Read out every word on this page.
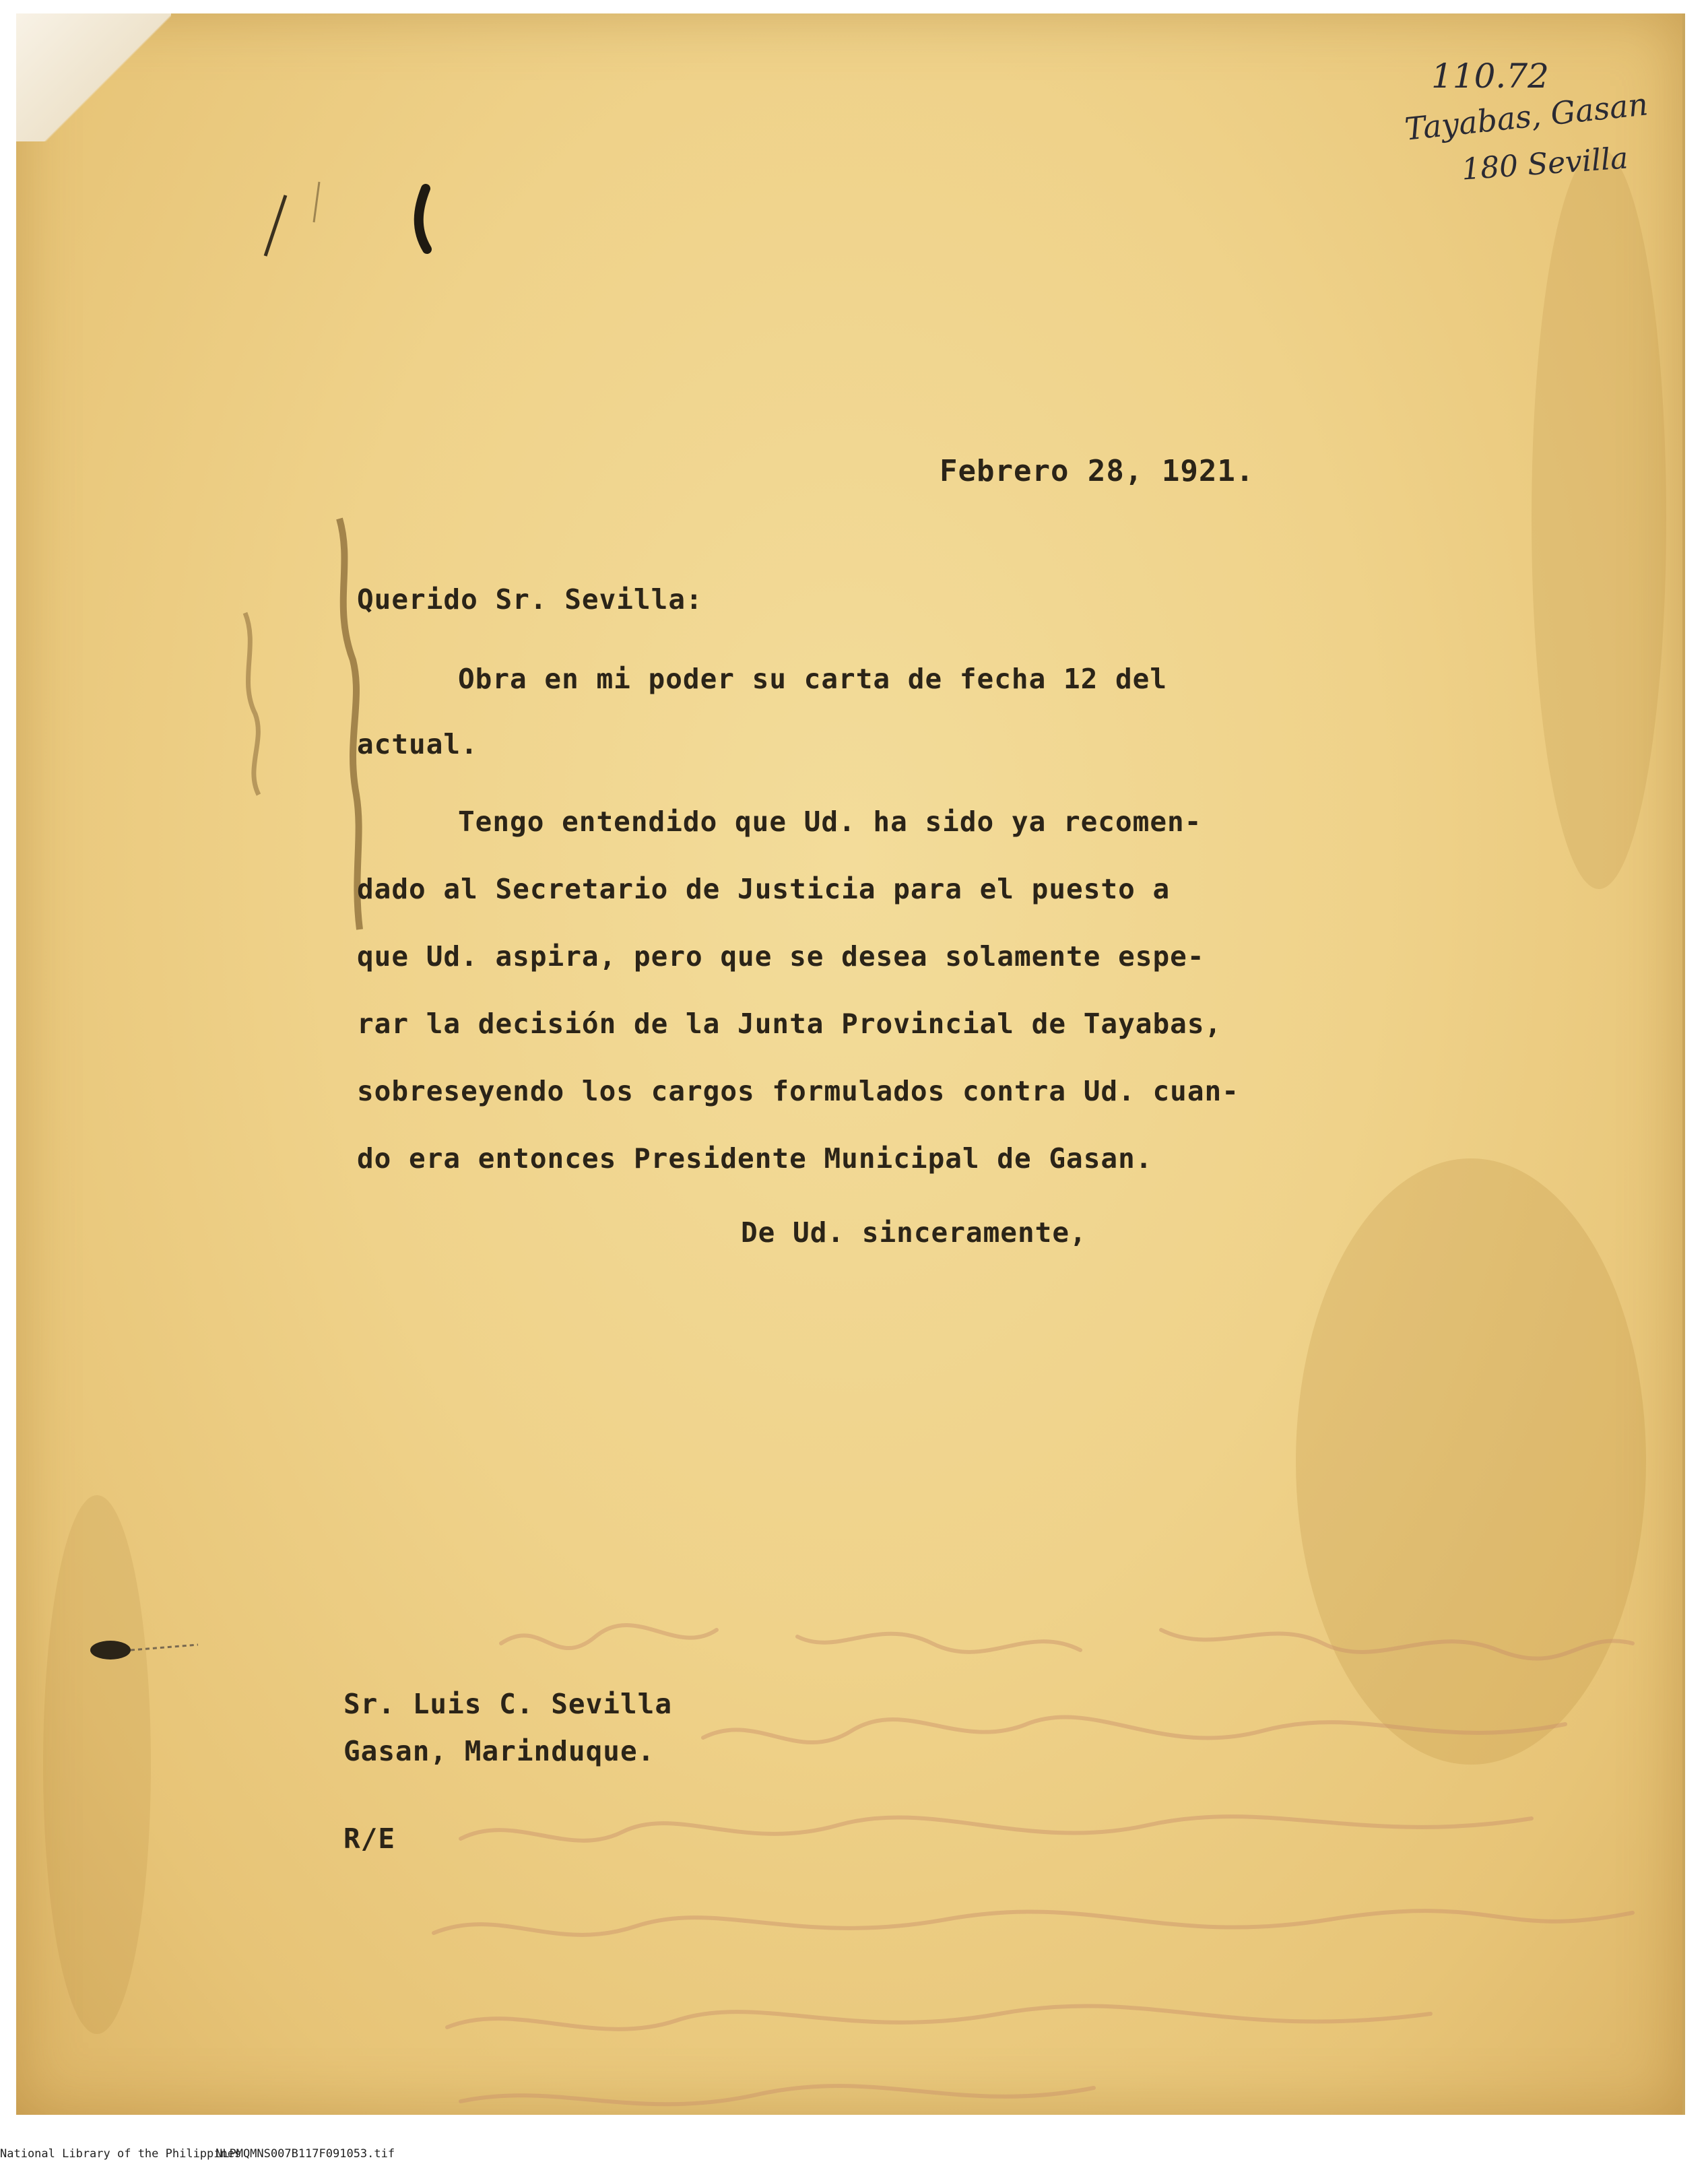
110.72
Tayabas, Gasan
180 Sevilla
Febrero 28, 1921.
Querido Sr. Sevilla:
Obra en mi poder su carta de fecha 12 del
actual.
Tengo entendido que Ud. ha sido ya recomen-
dado al Secretario de Justicia para el puesto a
que Ud. aspira, pero que se desea solamente espe-
rar la decisión de la Junta Provincial de Tayabas,
sobreseyendo los cargos formulados contra Ud. cuan-
do era entonces Presidente Municipal de Gasan.
De Ud. sinceramente,
Sr. Luis C. Sevilla
Gasan, Marinduque.
R/E
National Library of the Philippines
NLPMQMNS007B117F091053.tif
